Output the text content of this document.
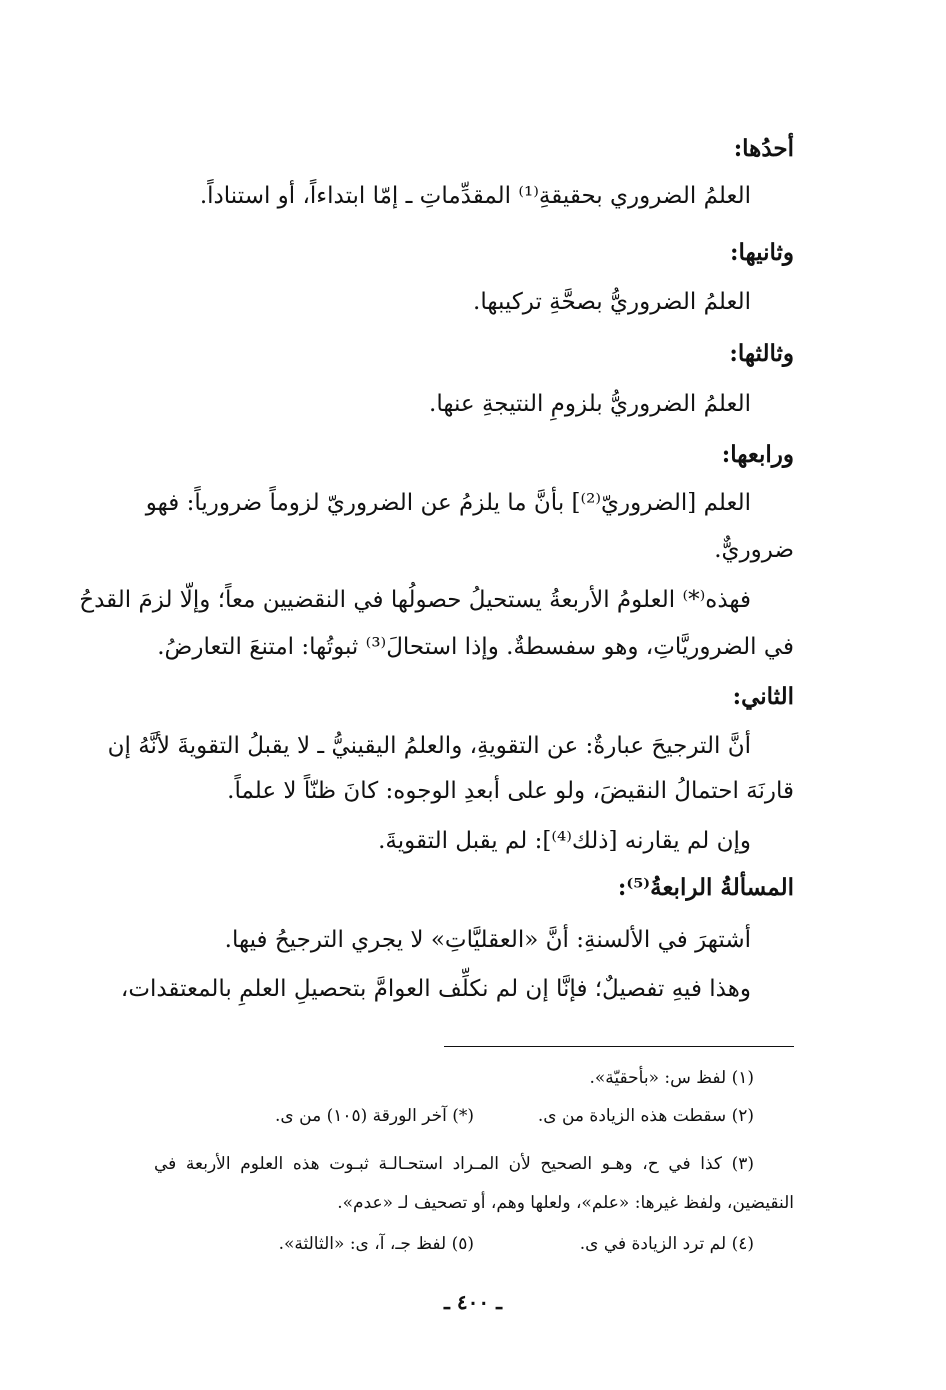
أحدُها:
العلمُ الضروري بحقيقةِ⁽¹⁾ المقدِّماتِ ـ إمّا ابتداءاً، أو استناداً.
وثانيها:
العلمُ الضروريُّ بصحَّةِ تركيبها.
وثالثها:
العلمُ الضروريُّ بلزومِ النتيجةِ عنها.
ورابعها:
العلم [الضروريّ⁽²⁾] بأنَّ ما يلزمُ عن الضروريّ لزوماً ضرورياً: فهو
ضروريٌّ.
فهذه⁽*⁾ العلومُ الأربعةُ يستحيلُ حصولُها في النقضيين معاً؛ وإلّا لزمَ القدحُ
في الضروريَّاتِ، وهو سفسطةٌ. وإذا استحالَ⁽³⁾ ثبوتُها: امتنعَ التعارضُ.
الثاني:
أنَّ الترجيحَ عبارةٌ: عن التقويةِ، والعلمُ اليقينيُّ ـ لا يقبلُ التقويةَ لأنَّهُ إن
قارنَهَ احتمالُ النقيضَ، ولو على أبعدِ الوجوه: كانَ ظنّاً لا علماً.
وإن لم يقارنه [ذلك⁽⁴⁾]: لم يقبل التقويةَ.
المسألةُ الرابعةُ⁽⁵⁾:
أشتهرَ في الألسنةِ: أنَّ «العقليَّاتِ» لا يجري الترجيحُ فيها.
وهذا فيهِ تفصيلٌ؛ فإنَّا إن لم نكلِّف العوامَّ بتحصيلِ العلمِ بالمعتقدات،
(١) لفظ س: «بأحقيّة».
(٢) سقطت هذه الزيادة من ى.
(*) آخر الورقة (١٠٥) من ى.
(٣) كذا في ح، وهـو الصحيح لأن المـراد استحـالـة ثبـوت هذه العلوم الأربعة في
النقيضين، ولفظ غيرها: «علم»، ولعلها وهم، أو تصحيف لـ «عدم».
(٤) لم ترد الزيادة في ى.
(٥) لفظ جـ، آ، ى: «الثالثة».
ـ ٤٠٠ ـ
